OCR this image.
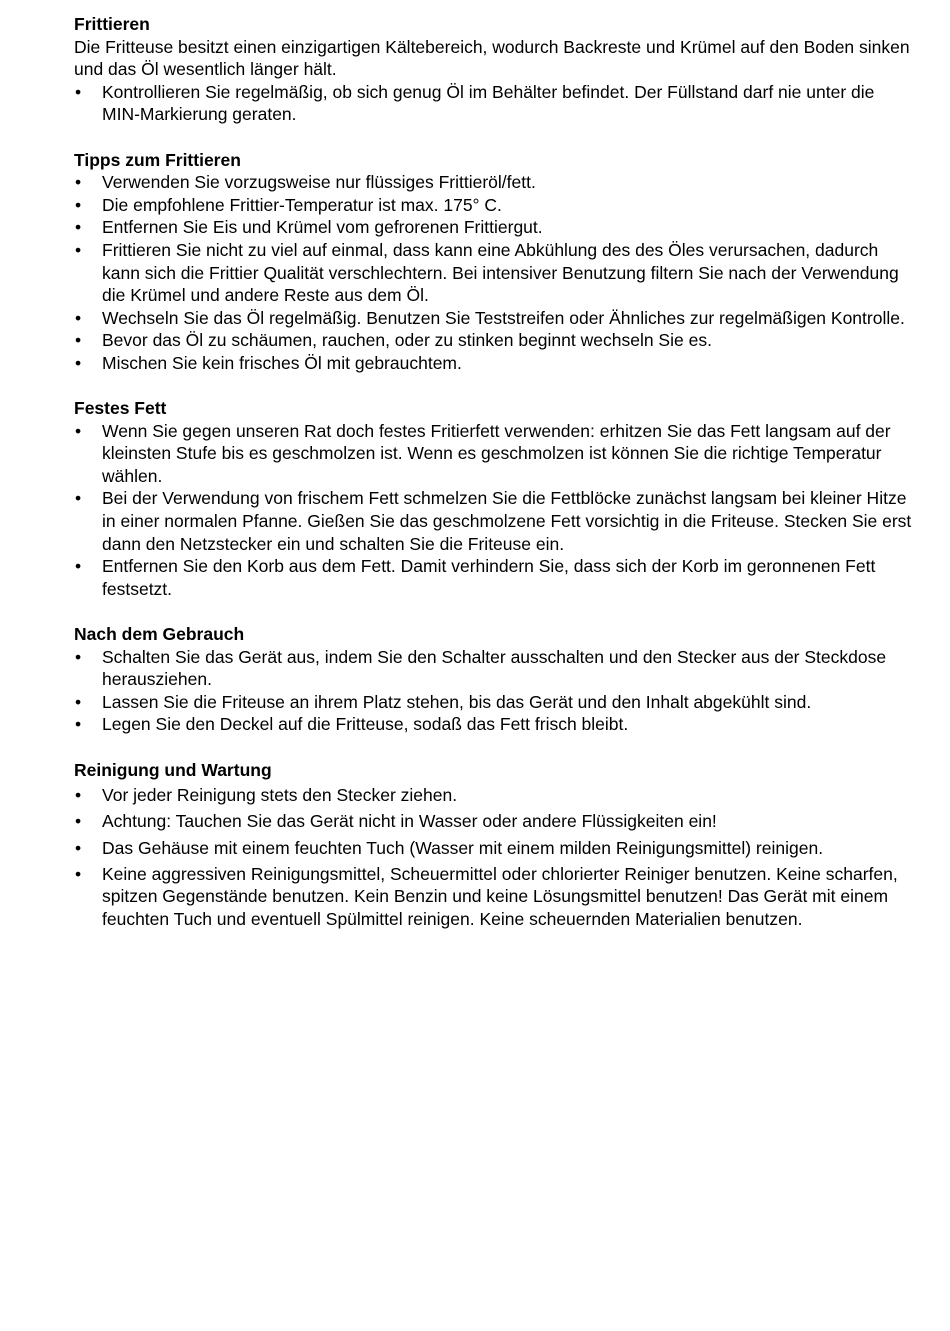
Frittieren

Die Fritteuse besitzt einen einzigartigen Kältebereich, wodurch Backreste und Krümel auf den Boden sinken und das Öl wesentlich länger hält.

•	Kontrollieren Sie regelmäßig, ob sich genug Öl im Behälter befindet. Der Füllstand darf nie unter die MIN-Markierung geraten.

Tipps zum Frittieren

•	Verwenden Sie vorzugsweise nur flüssiges Frittieröl/fett.
•	Die empfohlene Frittier-Temperatur ist max. 175° C.
•	Entfernen Sie Eis und Krümel vom gefrorenen Frittiergut.
•	Frittieren Sie nicht zu viel auf einmal, dass kann eine Abkühlung des des Öles verursachen, dadurch kann sich die Frittier Qualität verschlechtern. Bei intensiver Benutzung filtern Sie nach der Verwendung die Krümel und andere Reste aus dem Öl.
•	Wechseln Sie das Öl regelmäßig. Benutzen Sie Teststreifen oder Ähnliches zur regelmäßigen Kontrolle.
•	Bevor das Öl zu schäumen, rauchen, oder zu stinken beginnt wechseln Sie es.
•	Mischen Sie kein frisches Öl mit gebrauchtem.

Festes Fett

•	Wenn Sie gegen unseren Rat doch festes Fritierfett verwenden: erhitzen Sie das Fett langsam auf der kleinsten Stufe bis es geschmolzen ist. Wenn es geschmolzen ist können Sie die richtige Temperatur wählen.
•	Bei der Verwendung von frischem Fett schmelzen Sie die Fettblöcke zunächst langsam bei kleiner Hitze in einer normalen Pfanne. Gießen Sie das geschmolzene Fett vorsichtig in die Friteuse. Stecken Sie erst dann den Netzstecker ein und schalten Sie die Friteuse ein.
•	Entfernen Sie den Korb aus dem Fett. Damit verhindern Sie, dass sich der Korb im geronnenen Fett festsetzt.

Nach dem Gebrauch

•	Schalten Sie das Gerät aus, indem Sie den Schalter ausschalten und den Stecker aus der Steckdose herausziehen.
•	Lassen Sie die Friteuse an ihrem Platz stehen, bis das Gerät und den Inhalt abgekühlt sind.
•	Legen Sie den Deckel auf die Fritteuse, sodaß das Fett frisch bleibt.

Reinigung und Wartung

•	Vor jeder Reinigung stets den Stecker ziehen.
•	Achtung: Tauchen Sie das Gerät nicht in Wasser oder andere Flüssigkeiten ein!
•	Das Gehäuse mit einem feuchten Tuch (Wasser mit einem milden Reinigungsmittel) reinigen.
•	Keine aggressiven Reinigungsmittel, Scheuermittel oder chlorierter Reiniger benutzen. Keine scharfen, spitzen Gegenstände benutzen. Kein Benzin und keine Lösungsmittel benutzen! Das Gerät mit einem feuchten Tuch und eventuell Spülmittel reinigen. Keine scheuernden Materialien benutzen.
